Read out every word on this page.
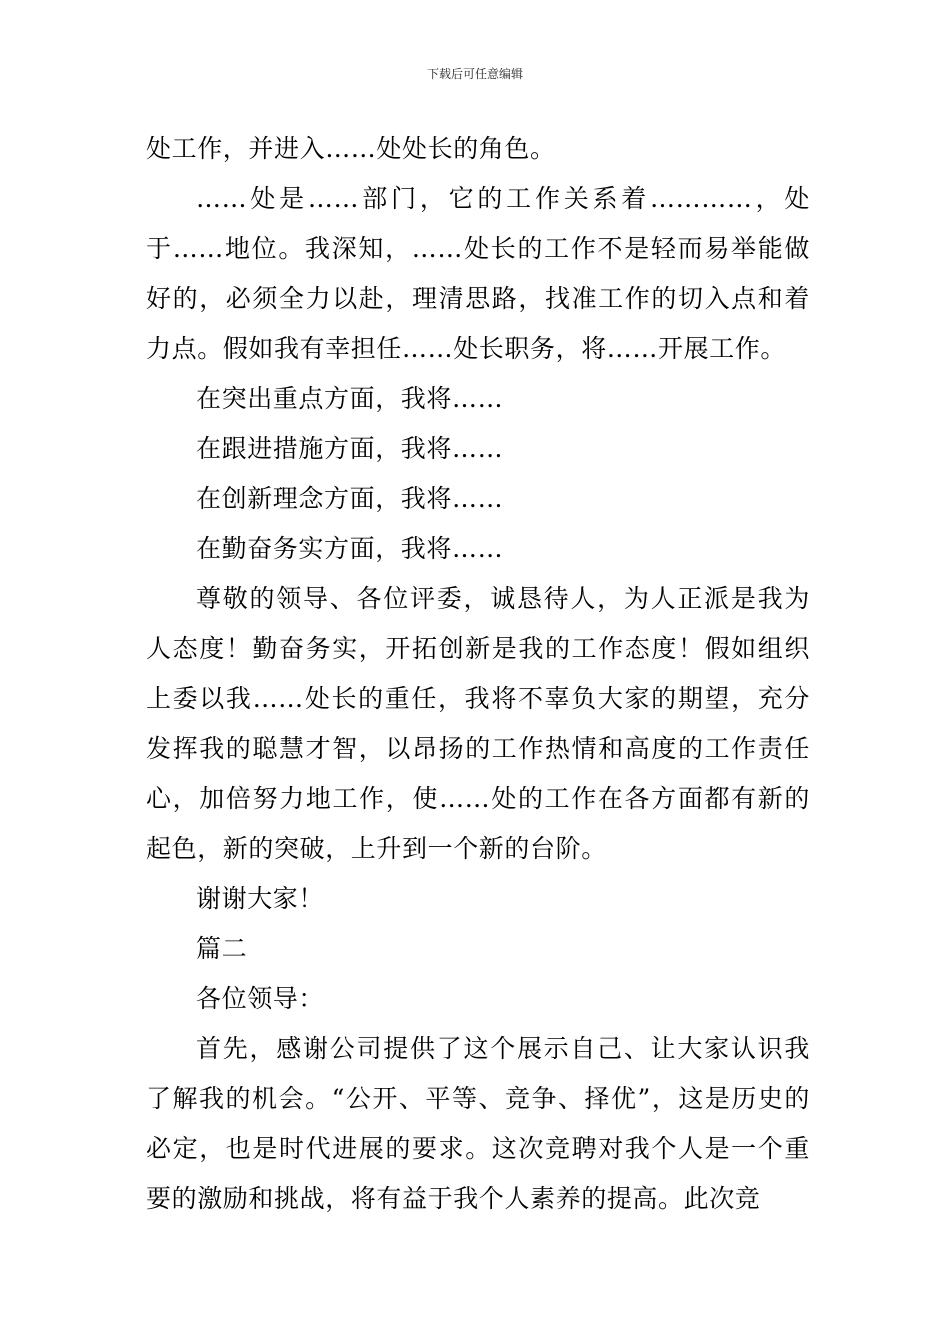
下载后可任意编辑

处工作，并进入……处处长的角色。

……处是……部门，它的工作关系着…………，处于……地位。我深知，……处长的工作不是轻而易举能做好的，必须全力以赴，理清思路，找准工作的切入点和着力点。假如我有幸担任……处长职务，将……开展工作。

在突出重点方面，我将……

在跟进措施方面，我将……

在创新理念方面，我将……

在勤奋务实方面，我将……

尊敬的领导、各位评委，诚恳待人，为人正派是我为人态度！勤奋务实，开拓创新是我的工作态度！假如组织上委以我……处长的重任，我将不辜负大家的期望，充分发挥我的聪慧才智，以昂扬的工作热情和高度的工作责任心，加倍努力地工作，使……处的工作在各方面都有新的起色，新的突破，上升到一个新的台阶。

谢谢大家！

篇二

各位领导：

首先，感谢公司提供了这个展示自己、让大家认识我了解我的机会。“公开、平等、竞争、择优”，这是历史的必定，也是时代进展的要求。这次竞聘对我个人是一个重要的激励和挑战，将有益于我个人素养的提高。此次竞
